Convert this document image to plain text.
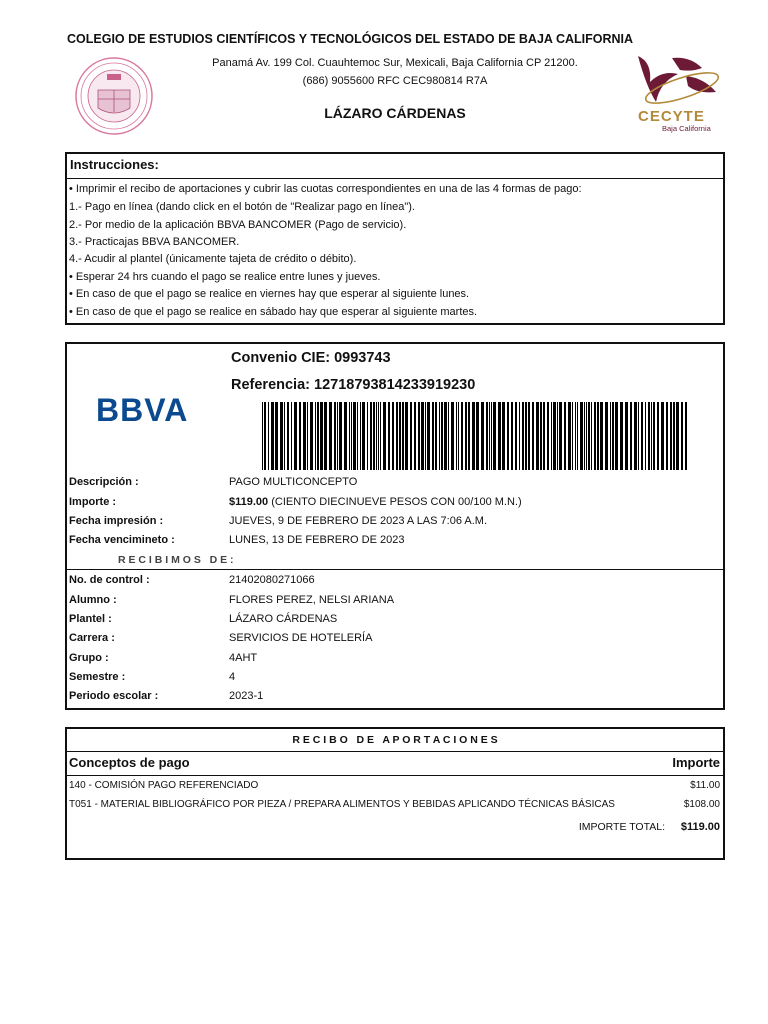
COLEGIO DE ESTUDIOS CIENTÍFICOS Y TECNOLÓGICOS DEL ESTADO DE BAJA CALIFORNIA
Panamá Av. 199 Col. Cuauhtemoc Sur, Mexicali, Baja California CP 21200.
(686) 9055600 RFC CEC980814 R7A
LÁZARO CÁRDENAS	CECYTE
Baja California
Instrucciones:
• Imprimir el recibo de aportaciones y cubrir las cuotas correspondientes en una de las 4 formas de pago:
1.- Pago en línea (dando click en el botón de "Realizar pago en línea").
2.- Por medio de la aplicación BBVA BANCOMER (Pago de servicio).
3.- Practicajas BBVA BANCOMER.
4.- Acudir al plantel (únicamente tajeta de crédito o débito).
• Esperar 24 hrs cuando el pago se realice entre lunes y jueves.
• En caso de que el pago se realice en viernes hay que esperar al siguiente lunes.
• En caso de que el pago se realice en sábado hay que esperar al siguiente martes.
BBVA
Convenio CIE: 0993743
Referencia: 12718793814233919230
Descripción :	PAGO MULTICONCEPTO
Importe :	$119.00 (CIENTO DIECINUEVE PESOS CON 00/100 M.N.)
Fecha impresión :	JUEVES, 9 DE FEBRERO DE 2023 A LAS 7:06 A.M.
Fecha vencimineto :	LUNES, 13 DE FEBRERO DE 2023
R E C I B I M O S   D E :
No. de control :	21402080271066
Alumno :	FLORES PEREZ, NELSI ARIANA
Plantel :	LÁZARO CÁRDENAS
Carrera :	SERVICIOS DE HOTELERÍA
Grupo :	4AHT
Semestre :	4
Periodo escolar :	2023-1
R E C I B O   D E   A P O R T A C I O N E S
Conceptos de pago	Importe
140 - COMISIÓN PAGO REFERENCIADO	$11.00
T051 - MATERIAL BIBLIOGRÁFICO POR PIEZA / PREPARA ALIMENTOS Y BEBIDAS APLICANDO TÉCNICAS BÁSICAS	$108.00
IMPORTE TOTAL:	$119.00
